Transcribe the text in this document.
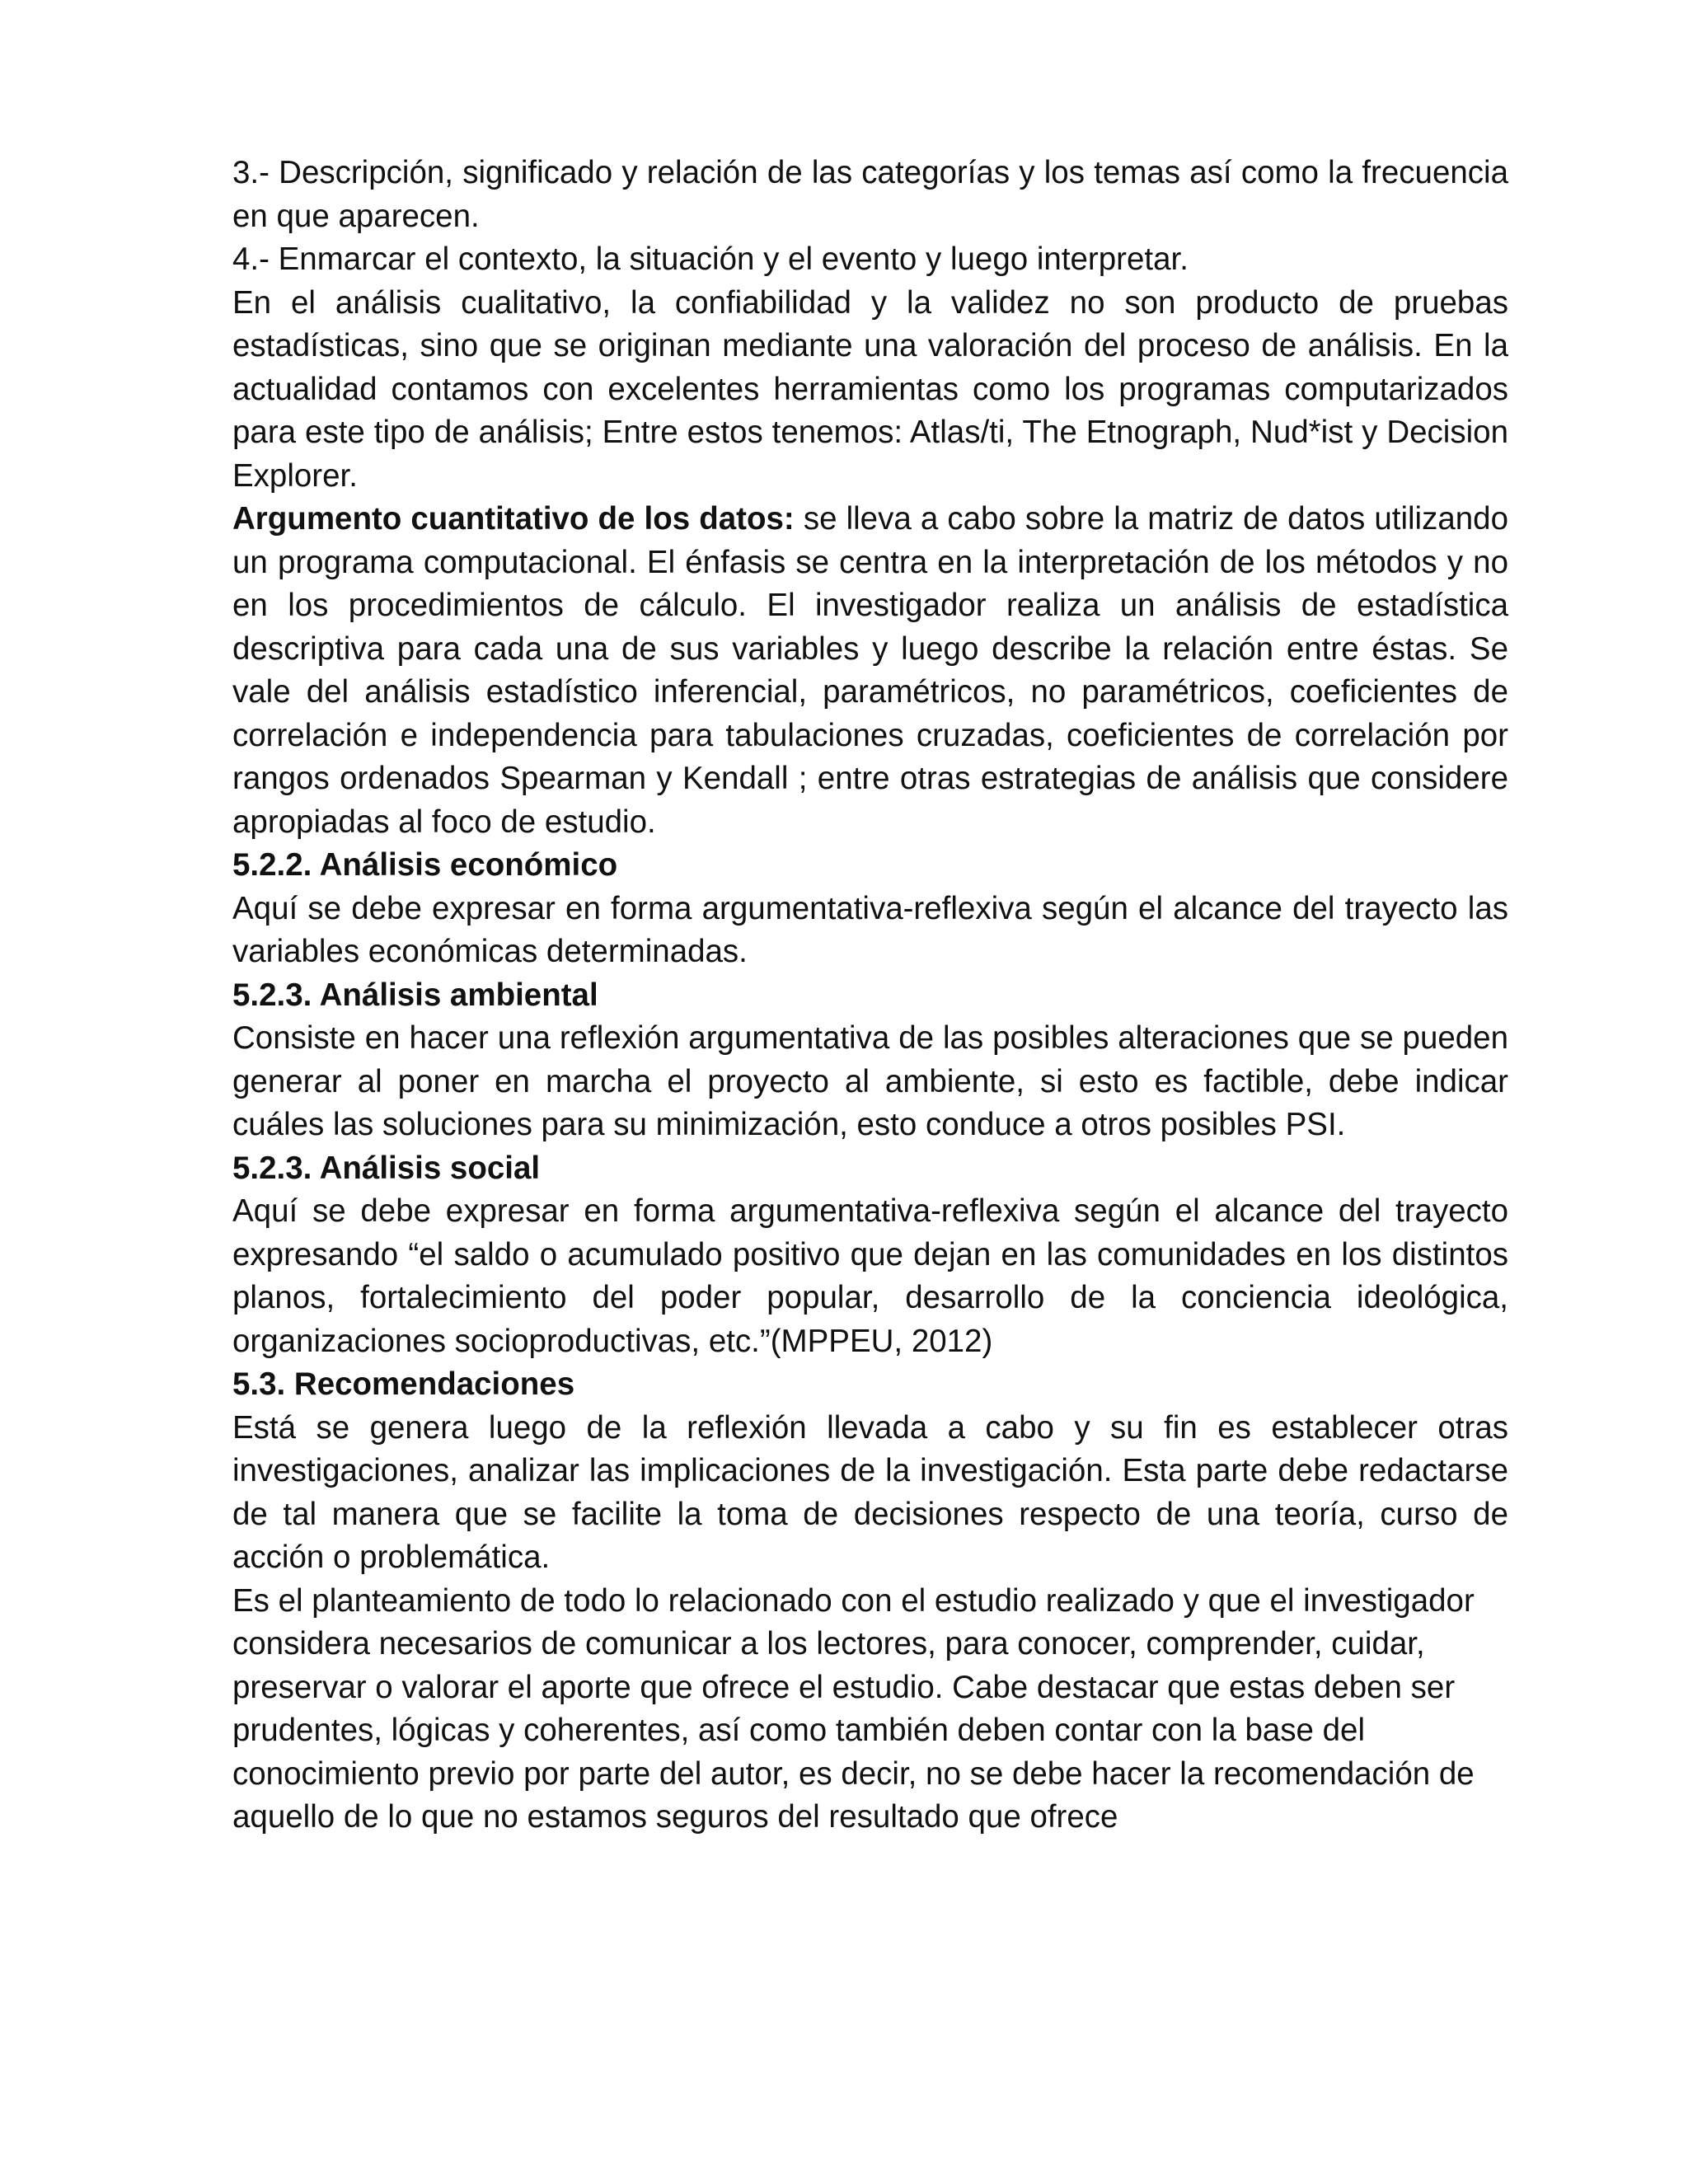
3.- Descripción, significado y relación de las categorías y los temas así como la frecuencia en que aparecen.

4.- Enmarcar el contexto, la situación y el evento y luego interpretar.

En el análisis cualitativo, la confiabilidad y la validez no son producto de pruebas estadísticas, sino que se originan mediante una valoración del proceso de análisis. En la actualidad contamos con excelentes herramientas como los programas computarizados para este tipo de análisis; Entre estos tenemos: Atlas/ti, The Etnograph, Nud*ist y Decision Explorer.

Argumento cuantitativo de los datos: se lleva a cabo sobre la matriz de datos utilizando un programa computacional. El énfasis se centra en la interpretación de los métodos y no en los procedimientos de cálculo. El investigador realiza un análisis de estadística descriptiva para cada una de sus variables y luego describe la relación entre éstas. Se vale del análisis estadístico inferencial, paramétricos, no paramétricos, coeficientes de correlación e independencia para tabulaciones cruzadas, coeficientes de correlación por rangos ordenados Spearman y Kendall ; entre otras estrategias de análisis que considere apropiadas al foco de estudio.

5.2.2. Análisis económico

Aquí se debe expresar en forma argumentativa-reflexiva según el alcance del trayecto las variables económicas determinadas.

5.2.3. Análisis ambiental

Consiste en hacer una reflexión argumentativa de las posibles alteraciones que se pueden generar al poner en marcha el proyecto al ambiente, si esto es factible, debe indicar cuáles las soluciones para su minimización, esto conduce a otros posibles PSI.

5.2.3. Análisis social

Aquí se debe expresar en forma argumentativa-reflexiva según el alcance del trayecto expresando “el saldo o acumulado positivo que dejan en las comunidades en los distintos planos, fortalecimiento del poder popular, desarrollo de la conciencia ideológica, organizaciones socioproductivas, etc.”(MPPEU, 2012)

5.3. Recomendaciones

Está se genera luego de la reflexión llevada a cabo y su fin es establecer otras investigaciones, analizar las implicaciones de la investigación. Esta parte debe redactarse de tal manera que se facilite la toma de decisiones respecto de una teoría, curso de acción o problemática.

Es el planteamiento de todo lo relacionado con el estudio realizado y que el investigador considera necesarios de comunicar a los lectores, para conocer, comprender, cuidar, preservar o valorar el aporte que ofrece el estudio. Cabe destacar que estas deben ser prudentes, lógicas y coherentes, así como también deben contar con la base del conocimiento previo por parte del autor, es decir, no se debe hacer la recomendación de aquello de lo que no estamos seguros del resultado que ofrece
